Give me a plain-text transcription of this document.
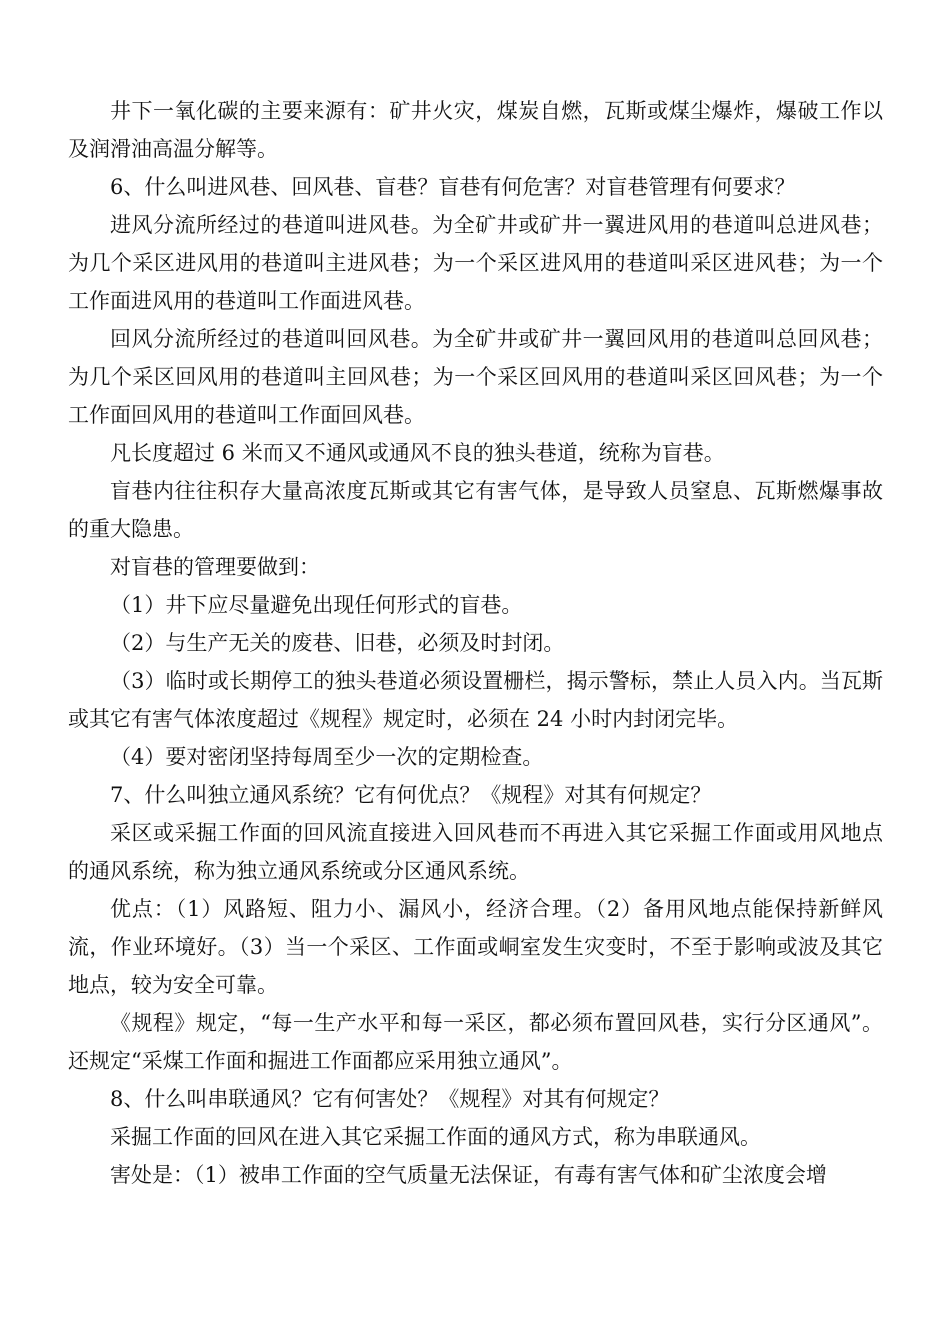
井下一氧化碳的主要来源有：矿井火灾，煤炭自燃，瓦斯或煤尘爆炸，爆破工作以及润滑油高温分解等。

6、什么叫进风巷、回风巷、盲巷？盲巷有何危害？对盲巷管理有何要求？

进风分流所经过的巷道叫进风巷。为全矿井或矿井一翼进风用的巷道叫总进风巷；为几个采区进风用的巷道叫主进风巷；为一个采区进风用的巷道叫采区进风巷；为一个工作面进风用的巷道叫工作面进风巷。

回风分流所经过的巷道叫回风巷。为全矿井或矿井一翼回风用的巷道叫总回风巷；为几个采区回风用的巷道叫主回风巷；为一个采区回风用的巷道叫采区回风巷；为一个工作面回风用的巷道叫工作面回风巷。

凡长度超过 6 米而又不通风或通风不良的独头巷道，统称为盲巷。

盲巷内往往积存大量高浓度瓦斯或其它有害气体，是导致人员窒息、瓦斯燃爆事故的重大隐患。

对盲巷的管理要做到：

（1）井下应尽量避免出现任何形式的盲巷。

（2）与生产无关的废巷、旧巷，必须及时封闭。

（3）临时或长期停工的独头巷道必须设置栅栏，揭示警标，禁止人员入内。当瓦斯或其它有害气体浓度超过《规程》规定时，必须在 24 小时内封闭完毕。

（4）要对密闭坚持每周至少一次的定期检查。

7、什么叫独立通风系统？它有何优点？《规程》对其有何规定？

采区或采掘工作面的回风流直接进入回风巷而不再进入其它采掘工作面或用风地点的通风系统，称为独立通风系统或分区通风系统。

优点：（1）风路短、阻力小、漏风小，经济合理。（2）备用风地点能保持新鲜风流，作业环境好。（3）当一个采区、工作面或峒室发生灾变时，不至于影响或波及其它地点，较为安全可靠。

《规程》规定，“每一生产水平和每一采区，都必须布置回风巷，实行分区通风”。还规定“采煤工作面和掘进工作面都应采用独立通风”。

8、什么叫串联通风？它有何害处？《规程》对其有何规定？

采掘工作面的回风在进入其它采掘工作面的通风方式，称为串联通风。

害处是：（1）被串工作面的空气质量无法保证，有毒有害气体和矿尘浓度会增
